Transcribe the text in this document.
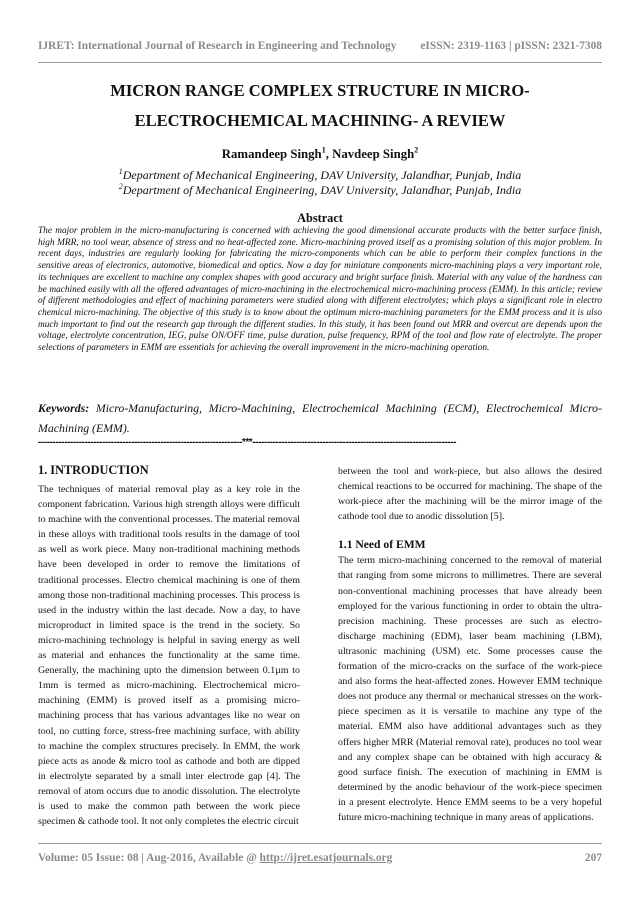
IJRET: International Journal of Research in Engineering and Technology eISSN: 2319-1163 | pISSN: 2321-7308
MICRON RANGE COMPLEX STRUCTURE IN MICRO-
ELECTROCHEMICAL MACHINING- A REVIEW
Ramandeep Singh$^1$, Navdeep Singh$^2$
$^1$Department of Mechanical Engineering, DAV University, Jalandhar, Punjab, India
$^2$Department of Mechanical Engineering, DAV University, Jalandhar, Punjab, India
Abstract
The major problem in the micro-manufacturing is concerned with achieving the good dimensional accurate products with the better surface finish, high MRR, no tool wear, absence of stress and no heat-affected zone. Micro-machining proved itself as a promising solution of this major problem. In recent days, industries are regularly looking for fabricating the micro-components which can be able to perform their complex functions in the sensitive areas of electronics, automotive, biomedical and optics. Now a day for miniature components micro-machining plays a very important role, its techniques are excellent to machine any complex shapes with good accuracy and bright surface finish. Material with any value of the hardness can be machined easily with all the offered advantages of micro-machining in the electrochemical micro-machining process (EMM). In this article; review of different methodologies and effect of machining parameters were studied along with different electrolytes; which plays a significant role in electro chemical micro-machining. The objective of this study is to know about the optimum micro-machining parameters for the EMM process and it is also much important to find out the research gap through the different studies. In this study, it has been found out MRR and overcut are depends upon the voltage, electrolyte concentration, IEG, pulse ON/OFF time, pulse duration, pulse frequency, RPM of the tool and flow rate of electrolyte. The proper selections of parameters in EMM are essentials for achieving the overall improvement in the micro-machining operation.
Keywords: Micro-Manufacturing, Micro-Machining, Electrochemical Machining (ECM), Electrochemical Micro-Machining (EMM).
----------------------------------------------------------------------***----------------------------------------------------------------------
1. INTRODUCTION

The techniques of material removal play as a key role in the component fabrication. Various high strength alloys were difficult to machine with the conventional processes. The material removal in these alloys with traditional tools results in the damage of tool as well as work piece. Many non-traditional machining methods have been developed in order to remove the limitations of traditional processes. Electro chemical machining is one of them among those non-traditional machining processes. This process is used in the industry within the last decade. Now a day, to have microproduct in limited space is the trend in the society. So micro-machining technology is helpful in saving energy as well as material and enhances the functionality at the same time. Generally, the machining upto the dimension between 0.1µm to 1mm is termed as micro-machining. Electrochemical micro-machining (EMM) is proved itself as a promising micro-machining process that has various advantages like no wear on tool, no cutting force, stress-free machining surface, with ability to machine the complex structures precisely. In EMM, the work piece acts as anode & micro tool as cathode and both are dipped in electrolyte separated by a small inter electrode gap [4]. The removal of atom occurs due to anodic dissolution. The electrolyte is used to make the common path between the work piece specimen & cathode tool. It not only completes the electric circuit

between the tool and work-piece, but also allows the desired chemical reactions to be occurred for machining. The shape of the work-piece after the machining will be the mirror image of the cathode tool due to anodic dissolution [5].

1.1 Need of EMM

The term micro-machining concerned to the removal of material that ranging from some microns to millimetres. There are several non-conventional machining processes that have already been employed for the various functioning in order to obtain the ultra-precision machining. These processes are such as electro-discharge machining (EDM), laser beam machining (LBM), ultrasonic machining (USM) etc. Some processes cause the formation of the micro-cracks on the surface of the work-piece and also forms the heat-affected zones. However EMM technique does not produce any thermal or mechanical stresses on the work-piece specimen as it is versatile to machine any type of the material. EMM also have additional advantages such as they offers higher MRR (Material removal rate), produces no tool wear and any complex shape can be obtained with high accuracy & good surface finish. The execution of machining in EMM is determined by the anodic behaviour of the work-piece specimen in a present electrolyte. Hence EMM seems to be a very hopeful future micro-machining technique in many areas of applications.

Volume: 05 Issue: 08 | Aug-2016, Available @ http://ijret.esatjournals.org	207
